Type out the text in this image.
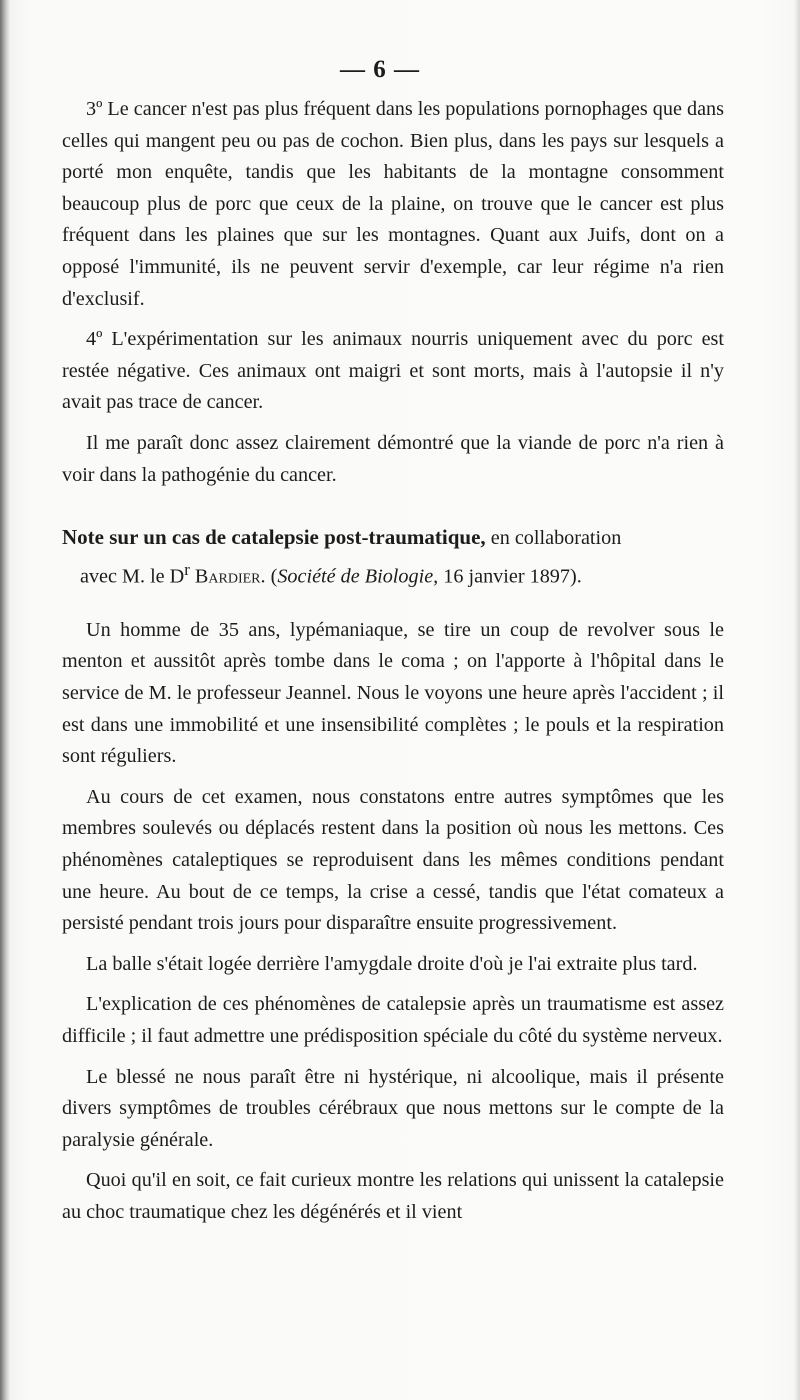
— 6 —

3º Le cancer n'est pas plus fréquent dans les populations pornophages que dans celles qui mangent peu ou pas de cochon. Bien plus, dans les pays sur lesquels a porté mon enquête, tandis que les habitants de la montagne consomment beaucoup plus de porc que ceux de la plaine, on trouve que le cancer est plus fréquent dans les plaines que sur les montagnes. Quant aux Juifs, dont on a opposé l'immunité, ils ne peuvent servir d'exemple, car leur régime n'a rien d'exclusif.

4º L'expérimentation sur les animaux nourris uniquement avec du porc est restée négative. Ces animaux ont maigri et sont morts, mais à l'autopsie il n'y avait pas trace de cancer.

Il me paraît donc assez clairement démontré que la viande de porc n'a rien à voir dans la pathogénie du cancer.

Note sur un cas de catalepsie post-traumatique, en collaboration
avec M. le $D^r$ Bardier. (Société de Biologie, 16 janvier 1897).

Un homme de 35 ans, lypémaniaque, se tire un coup de revolver sous le menton et aussitôt après tombe dans le coma ; on l'apporte à l'hôpital dans le service de M. le professeur Jeannel. Nous le voyons une heure après l'accident ; il est dans une immobilité et une insensibilité complètes ; le pouls et la respiration sont réguliers.

Au cours de cet examen, nous constatons entre autres symptômes que les membres soulevés ou déplacés restent dans la position où nous les mettons. Ces phénomènes cataleptiques se reproduisent dans les mêmes conditions pendant une heure. Au bout de ce temps, la crise a cessé, tandis que l'état comateux a persisté pendant trois jours pour disparaître ensuite progressivement.

La balle s'était logée derrière l'amygdale droite d'où je l'ai extraite plus tard.

L'explication de ces phénomènes de catalepsie après un traumatisme est assez difficile ; il faut admettre une prédisposition spéciale du côté du système nerveux.

Le blessé ne nous paraît être ni hystérique, ni alcoolique, mais il présente divers symptômes de troubles cérébraux que nous mettons sur le compte de la paralysie générale.

Quoi qu'il en soit, ce fait curieux montre les relations qui unissent la catalepsie au choc traumatique chez les dégénérés et il vient
